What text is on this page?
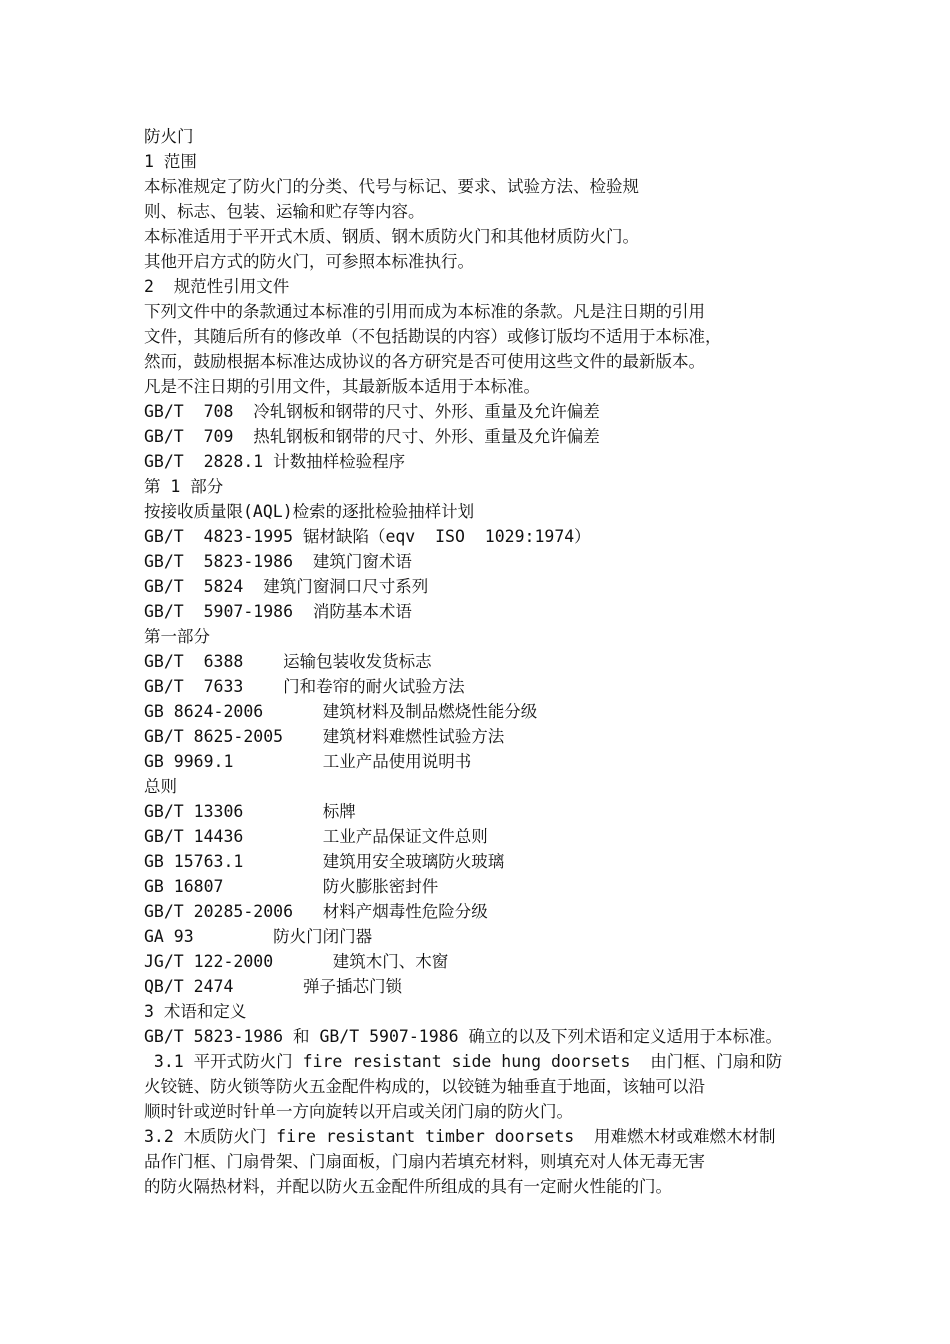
防火门

1 范围

本标准规定了防火门的分类、代号与标记、要求、试验方法、检验规

则、标志、包装、运输和贮存等内容。

本标准适用于平开式木质、钢质、钢木质防火门和其他材质防火门。

其他开启方式的防火门，可参照本标准执行。

2  规范性引用文件

下列文件中的条款通过本标准的引用而成为本标准的条款。凡是注日期的引用

文件，其随后所有的修改单（不包括勘误的内容）或修订版均不适用于本标准，

然而，鼓励根据本标准达成协议的各方研究是否可使用这些文件的最新版本。

凡是不注日期的引用文件，其最新版本适用于本标准。

GB/T  708  冷轧钢板和钢带的尺寸、外形、重量及允许偏差

GB/T  709  热轧钢板和钢带的尺寸、外形、重量及允许偏差

GB/T  2828.1 计数抽样检验程序

第 1 部分

按接收质量限(AQL)检索的逐批检验抽样计划

GB/T  4823-1995 锯材缺陷（eqv  ISO  1029:1974）

GB/T  5823-1986  建筑门窗术语

GB/T  5824  建筑门窗洞口尺寸系列

GB/T  5907-1986  消防基本术语

第一部分

GB/T  6388    运输包装收发货标志

GB/T  7633    门和卷帘的耐火试验方法

GB 8624-2006      建筑材料及制品燃烧性能分级

GB/T 8625-2005    建筑材料难燃性试验方法

GB 9969.1         工业产品使用说明书

总则

GB/T 13306        标牌

GB/T 14436        工业产品保证文件总则

GB 15763.1        建筑用安全玻璃防火玻璃

GB 16807          防火膨胀密封件

GB/T 20285-2006   材料产烟毒性危险分级

GA 93        防火门闭门器

JG/T 122-2000      建筑木门、木窗

QB/T 2474       弹子插芯门锁

3 术语和定义

GB/T 5823-1986 和 GB/T 5907-1986 确立的以及下列术语和定义适用于本标准。

3.1 平开式防火门 fire resistant side hung doorsets  由门框、门扇和防

火铰链、防火锁等防火五金配件构成的，以铰链为轴垂直于地面，该轴可以沿

顺时针或逆时针单一方向旋转以开启或关闭门扇的防火门。

3.2 木质防火门 fire resistant timber doorsets  用难燃木材或难燃木材制

品作门框、门扇骨架、门扇面板，门扇内若填充材料，则填充对人体无毒无害

的防火隔热材料，并配以防火五金配件所组成的具有一定耐火性能的门。
